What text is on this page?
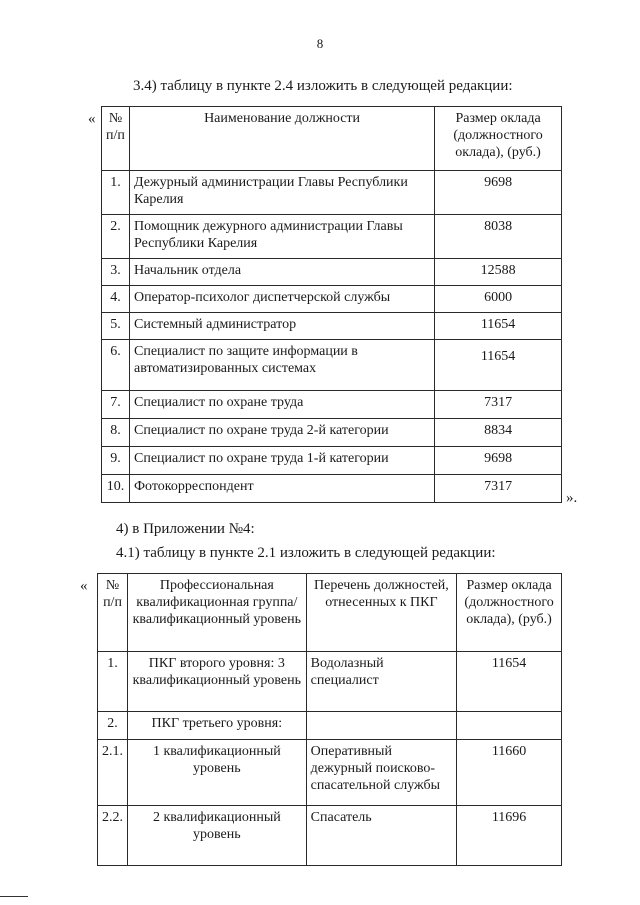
8
3.4) таблицу в пункте 2.4 изложить в следующей редакции:
« № п/п	Наименование должности	Размер оклада (должностного оклада), (руб.)
1.	Дежурный администрации Главы Республики Карелия	9698
2.	Помощник дежурного администрации Главы Республики Карелия	8038
3.	Начальник отдела	12588
4.	Оператор-психолог диспетчерской службы	6000
5.	Системный администратор	11654
6.	Специалист по защите информации в автоматизированных системах	11654
7.	Специалист по охране труда	7317
8.	Специалист по охране труда 2-й категории	8834
9.	Специалист по охране труда 1-й категории	9698
10.	Фотокорреспондент	7317
».
4) в Приложении №4:
4.1) таблицу в пункте 2.1 изложить в следующей редакции:
« № п/п	Профессиональная квалификационная группа/ квалификационный уровень	Перечень должностей, отнесенных к ПКГ	Размер оклада (должностного оклада), (руб.)
1.	ПКГ второго уровня: 3 квалификационный уровень	Водолазный специалист	11654
2.	ПКГ третьего уровня:		
2.1.	1 квалификационный уровень	Оперативный дежурный поисково-спасательной службы	11660
2.2.	2 квалификационный уровень	Спасатель	11696
